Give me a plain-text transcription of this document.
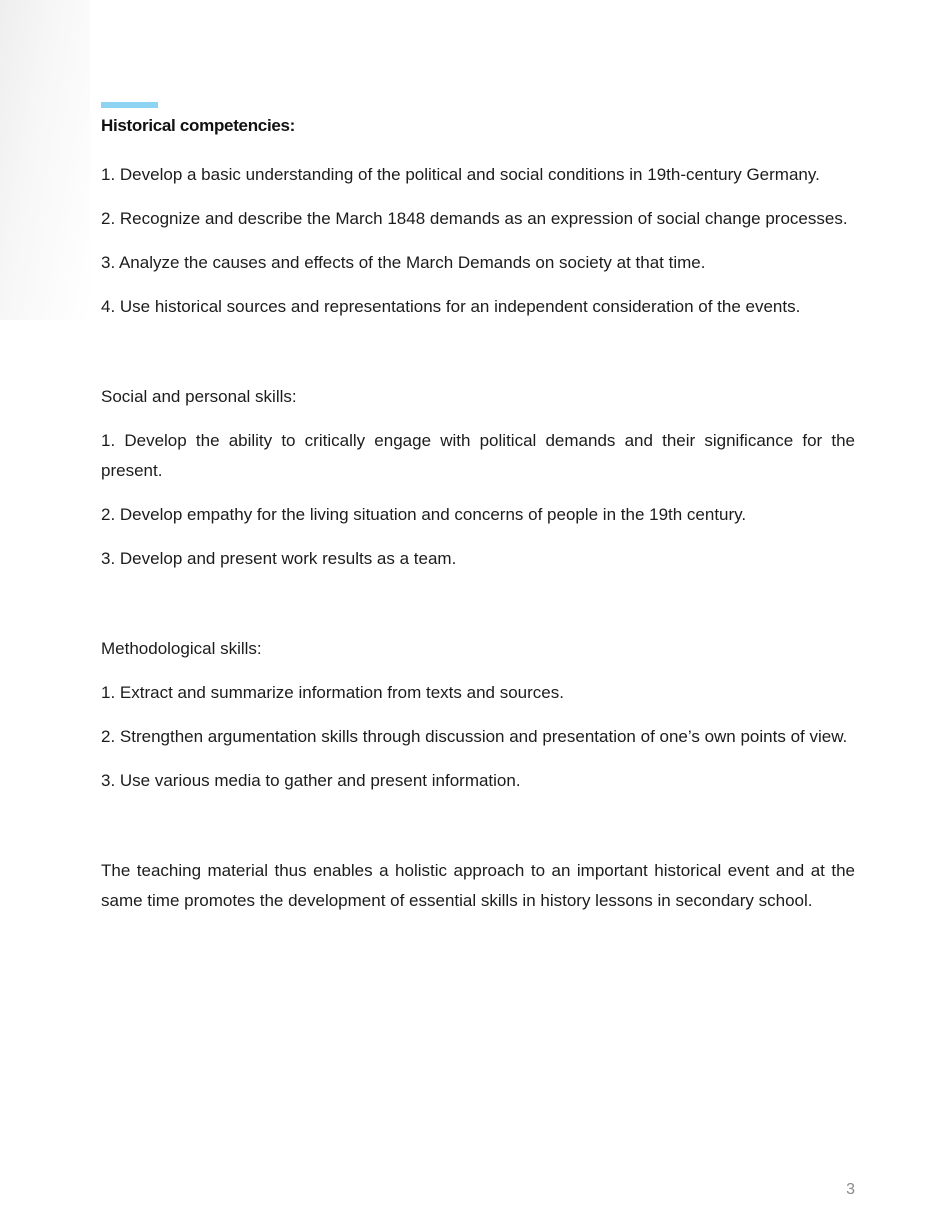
Historical competencies:

1. Develop a basic understanding of the political and social conditions in 19th-century Germany.

2. Recognize and describe the March 1848 demands as an expression of social change processes.

3. Analyze the causes and effects of the March Demands on society at that time.

4. Use historical sources and representations for an independent consideration of the events.

Social and personal skills:

1. Develop the ability to critically engage with political demands and their significance for the present.

2. Develop empathy for the living situation and concerns of people in the 19th century.

3. Develop and present work results as a team.

Methodological skills:

1. Extract and summarize information from texts and sources.

2. Strengthen argumentation skills through discussion and presentation of one’s own points of view.

3. Use various media to gather and present information.

The teaching material thus enables a holistic approach to an important historical event and at the same time promotes the development of essential skills in history lessons in secondary school.

3
